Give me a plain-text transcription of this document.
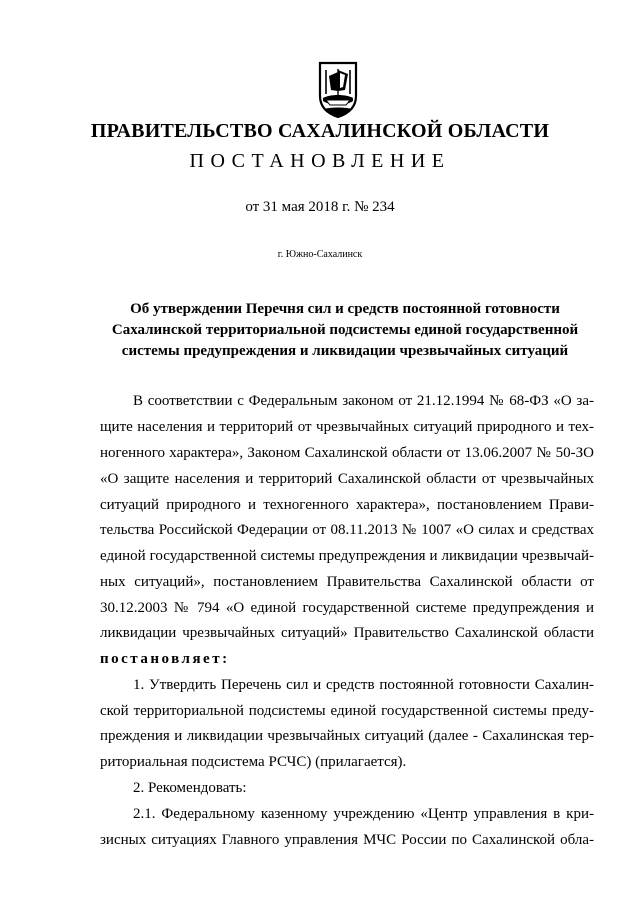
ПРАВИТЕЛЬСТВО САХАЛИНСКОЙ ОБЛАСТИ
ПОСТАНОВЛЕНИЕ
от 31 мая 2018 г. № 234
г. Южно-Сахалинск
Об утверждении Перечня сил и средств постоянной готовности Сахалинской территориальной подсистемы единой государственной системы предупреждения и ликвидации чрезвычайных ситуаций
В соответствии с Федеральным законом от 21.12.1994 № 68-ФЗ «О за-
щите населения и территорий от чрезвычайных ситуаций природного и тех-
ногенного характера», Законом Сахалинской области от 13.06.2007 № 50-ЗО
«О защите населения и территорий Сахалинской области от чрезвычайных
ситуаций природного и техногенного характера», постановлением Прави-
тельства Российской Федерации от 08.11.2013 № 1007 «О силах и средствах
единой государственной системы предупреждения и ликвидации чрезвычай-
ных ситуаций», постановлением Правительства Сахалинской области от
30.12.2003 № 794 «О единой государственной системе предупреждения и
ликвидации чрезвычайных ситуаций» Правительство Сахалинской области
постановляет:
1. Утвердить Перечень сил и средств постоянной готовности Сахалин-
ской территориальной подсистемы единой государственной системы преду-
преждения и ликвидации чрезвычайных ситуаций (далее - Сахалинская тер-
риториальная подсистема РСЧС) (прилагается).
2. Рекомендовать:
2.1. Федеральному казенному учреждению «Центр управления в кри-
зисных ситуациях Главного управления МЧС России по Сахалинской обла-
